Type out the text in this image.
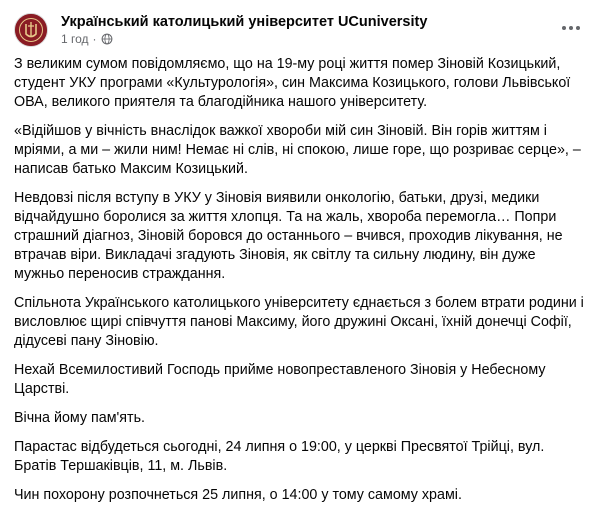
Український католицький університет UCuniversity
1 год ·

З великим сумом повідомляємо, що на 19-му році життя помер Зіновій Козицький, студент УКУ програми «Культурологія», син Максима Козицького, голови Львівської ОВА, великого приятеля та благодійника нашого університету.

«Відійшов у вічність внаслідок важкої хвороби мій син Зіновій. Він горів життям і мріями, а ми – жили ним! Немає ні слів, ні спокою, лише горе, що розриває серце», – написав батько Максим Козицький.

Невдовзі після вступу в УКУ у Зіновія виявили онкологію, батьки, друзі, медики відчайдушно боролися за життя хлопця. Та на жаль, хвороба перемогла… Попри страшний діагноз, Зіновій боровся до останнього – вчився, проходив лікування, не втрачав віри. Викладачі згадують Зіновія, як світлу та сильну людину, він дуже мужньо переносив страждання.

Спільнота Українського католицького університету єднається з болем втрати родини і висловлює щирі співчуття панові Максиму, його дружині Оксані, їхній донечці Софії, дідусеві пану Зіновію.

Нехай Всемилостивий Господь прийме новопреставленого Зіновія у Небесному Царстві.

Вічна йому пам'ять.

Парастас відбудеться сьогодні, 24 липня о 19:00, у церкві Пресвятої Трійці, вул. Братів Тершаківців, 11, м. Львів.

Чин похорону розпочнеться 25 липня, о 14:00 у тому самому храмі.
